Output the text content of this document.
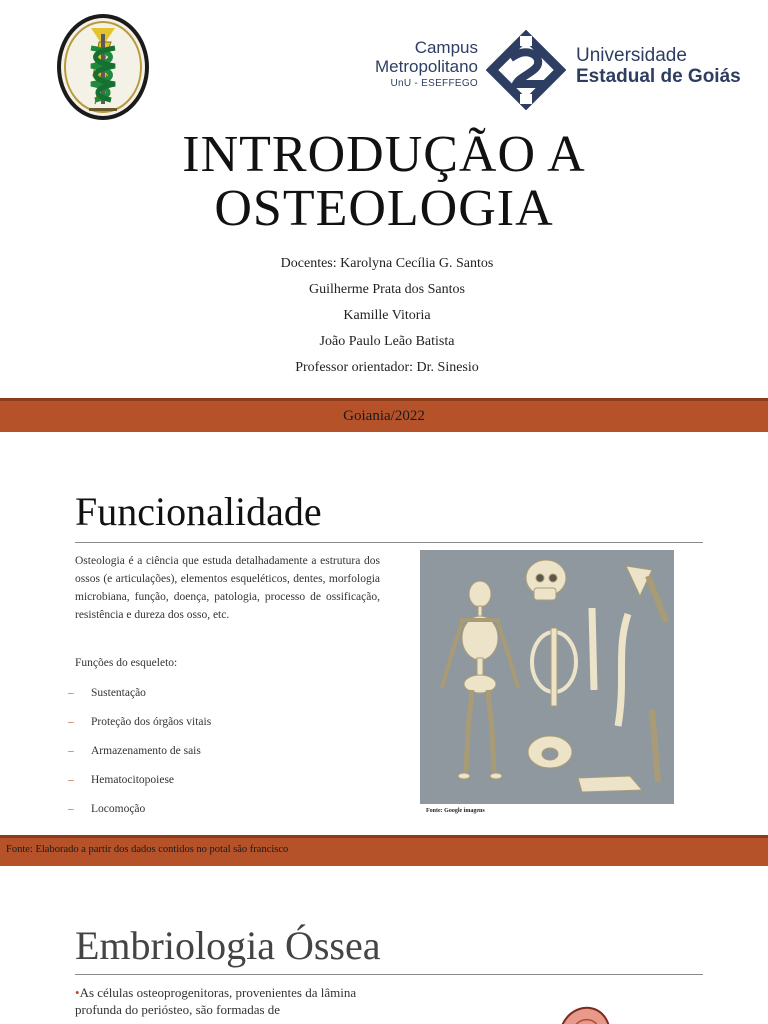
Campus
Metropolitano
UnU - ESEFFEGO
Universidade
Estadual de Goiás
INTRODUÇÃO A
OSTEOLOGIA
Docentes: Karolyna Cecília G. Santos
Guilherme Prata dos Santos
Kamille Vitoria
João Paulo Leão Batista
Professor orientador: Dr. Sinesio
Goiania/2022
Funcionalidade

Osteologia é a ciência que estuda detalhadamente a estrutura dos ossos (e articulações), elementos esqueléticos, dentes, morfologia microbiana, função, doença, patologia, processo de ossificação, resistência e dureza dos osso, etc.

Funções do esqueleto:
– Sustentação
– Proteção dos órgãos vitais
– Armazenamento de sais
– Hematocitopoiese
– Locomoção	Fonte: Google imagens
Fonte: Elaborado a partir dos dados contidos no potal são francisco
Embriologia Óssea

•As células osteoprogenitoras, provenientes da lâmina profunda do periósteo, são formadas de
